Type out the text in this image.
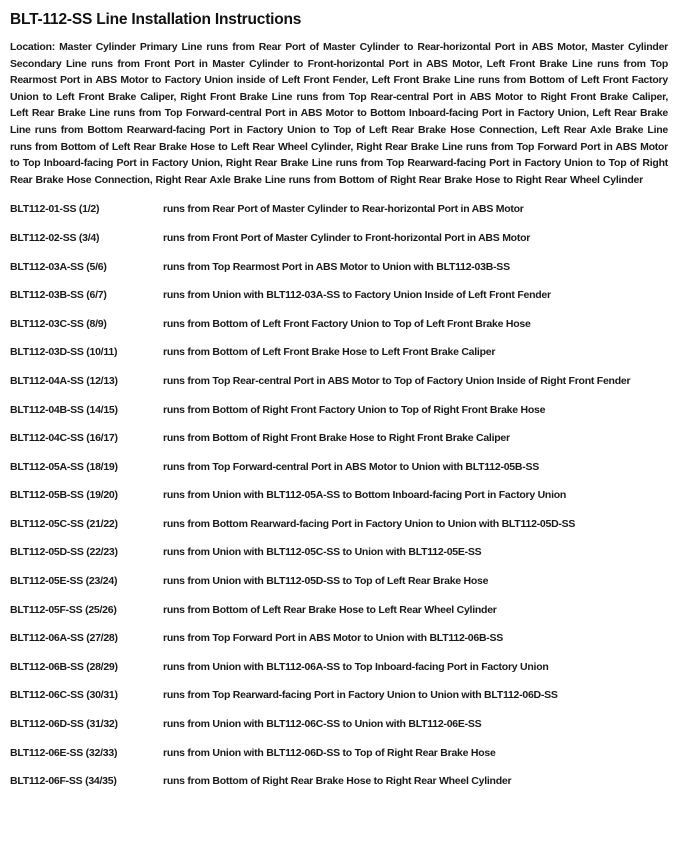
BLT-112-SS Line Installation Instructions

Location: Master Cylinder Primary Line runs from Rear Port of Master Cylinder to Rear-horizontal Port in ABS Motor, Master Cylinder Secondary Line runs from Front Port in Master Cylinder to Front-horizontal Port in ABS Motor, Left Front Brake Line runs from Top Rearmost Port in ABS Motor to Factory Union inside of Left Front Fender, Left Front Brake Line runs from Bottom of Left Front Factory Union to Left Front Brake Caliper, Right Front Brake Line runs from Top Rear-central Port in ABS Motor to Right Front Brake Caliper, Left Rear Brake Line runs from Top Forward-central Port in ABS Motor to Bottom Inboard-facing Port in Factory Union, Left Rear Brake Line runs from Bottom Rearward-facing Port in Factory Union to Top of Left Rear Brake Hose Connection, Left Rear Axle Brake Line runs from Bottom of Left Rear Brake Hose to Left Rear Wheel Cylinder, Right Rear Brake Line runs from Top Forward Port in ABS Motor to Top Inboard-facing Port in Factory Union, Right Rear Brake Line runs from Top Rearward-facing Port in Factory Union to Top of Right Rear Brake Hose Connection, Right Rear Axle Brake Line runs from Bottom of Right Rear Brake Hose to Right Rear Wheel Cylinder

BLT112-01-SS (1/2)	runs from Rear Port of Master Cylinder to Rear-horizontal Port in ABS Motor
BLT112-02-SS (3/4)	runs from Front Port of Master Cylinder to Front-horizontal Port in ABS Motor
BLT112-03A-SS (5/6)	runs from Top Rearmost Port in ABS Motor to Union with BLT112-03B-SS
BLT112-03B-SS (6/7)	runs from Union with BLT112-03A-SS to Factory Union Inside of Left Front Fender
BLT112-03C-SS (8/9)	runs from Bottom of Left Front Factory Union to Top of Left Front Brake Hose
BLT112-03D-SS (10/11)	runs from Bottom of Left Front Brake Hose to Left Front Brake Caliper
BLT112-04A-SS (12/13)	runs from Top Rear-central Port in ABS Motor to Top of Factory Union Inside of Right Front Fender
BLT112-04B-SS (14/15)	runs from Bottom of Right Front Factory Union to Top of Right Front Brake Hose
BLT112-04C-SS (16/17)	runs from Bottom of Right Front Brake Hose to Right Front Brake Caliper
BLT112-05A-SS (18/19)	runs from Top Forward-central Port in ABS Motor to Union with BLT112-05B-SS
BLT112-05B-SS (19/20)	runs from Union with BLT112-05A-SS to Bottom Inboard-facing Port in Factory Union
BLT112-05C-SS (21/22)	runs from Bottom Rearward-facing Port in Factory Union to Union with BLT112-05D-SS
BLT112-05D-SS (22/23)	runs from Union with BLT112-05C-SS to Union with BLT112-05E-SS
BLT112-05E-SS (23/24)	runs from Union with BLT112-05D-SS to Top of Left Rear Brake Hose
BLT112-05F-SS (25/26)	runs from Bottom of Left Rear Brake Hose to Left Rear Wheel Cylinder
BLT112-06A-SS (27/28)	runs from Top Forward Port in ABS Motor to Union with BLT112-06B-SS
BLT112-06B-SS (28/29)	runs from Union with BLT112-06A-SS to Top Inboard-facing Port in Factory Union
BLT112-06C-SS (30/31)	runs from Top Rearward-facing Port in Factory Union to Union with BLT112-06D-SS
BLT112-06D-SS (31/32)	runs from Union with BLT112-06C-SS to Union with BLT112-06E-SS
BLT112-06E-SS (32/33)	runs from Union with BLT112-06D-SS to Top of Right Rear Brake Hose
BLT112-06F-SS (34/35)	runs from Bottom of Right Rear Brake Hose to Right Rear Wheel Cylinder
